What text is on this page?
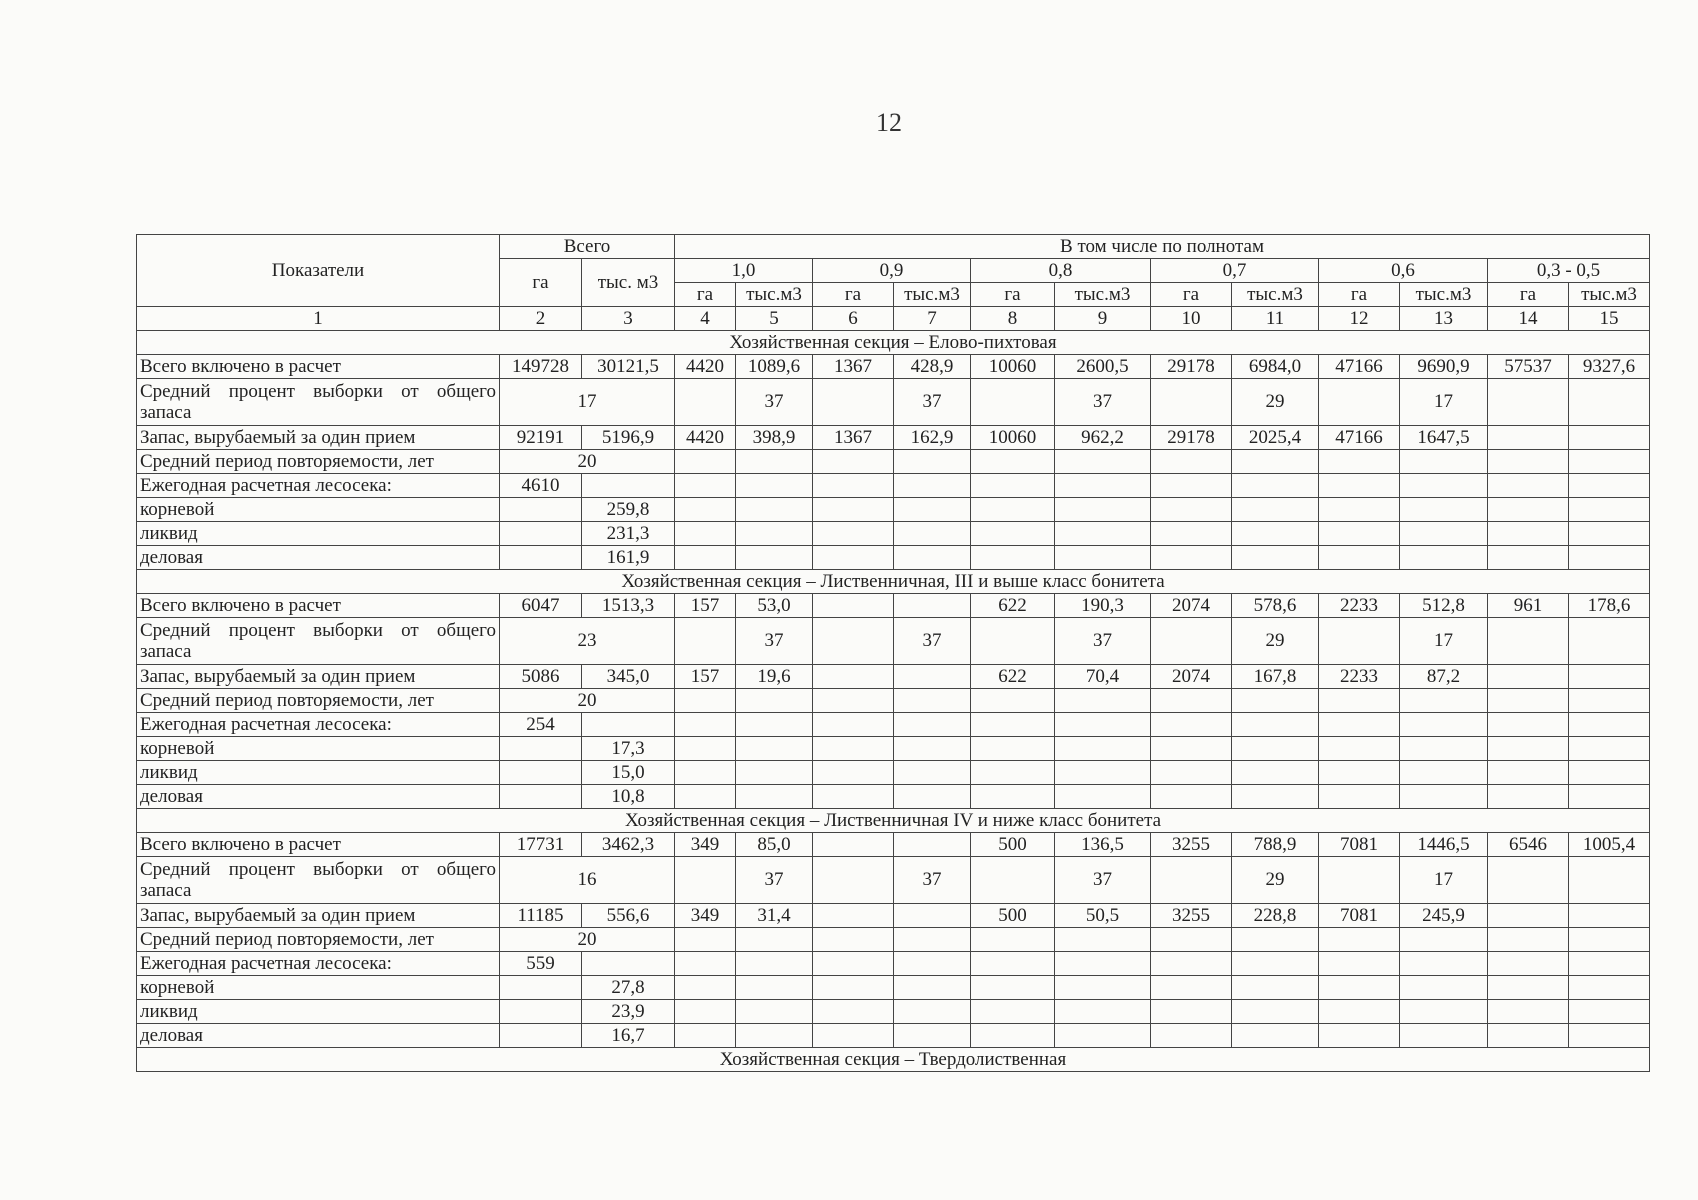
12
Показатели	Всего		В том числе по полнотам											
	га	тыс. м3	1,0		0,9		0,8		0,7		0,6		0,3 - 0,5	
			га	тыс.м3	га	тыс.м3	га	тыс.м3	га	тыс.м3	га	тыс.м3	га	тыс.м3
1	2	3	4	5	6	7	8	9	10	11	12	13	14	15
Хозяйственная секция – Елово-пихтовая														
Всего включено в расчет	149728	30121,5	4420	1089,6	1367	428,9	10060	2600,5	29178	6984,0	47166	9690,9	57537	9327,6
Средний процент выборки от общего запаса	17			37		37		37		29		17		
Запас, вырубаемый за один прием	92191	5196,9	4420	398,9	1367	162,9	10060	962,2	29178	2025,4	47166	1647,5		
Средний период повторяемости, лет	20													
Ежегодная расчетная лесосека:	4610													
корневой		259,8												
ликвид		231,3												
деловая		161,9												
Хозяйственная секция – Лиственничная, III и выше класс бонитета														
Всего включено в расчет	6047	1513,3	157	53,0			622	190,3	2074	578,6	2233	512,8	961	178,6
Средний процент выборки от общего запаса	23			37		37		37		29		17		
Запас, вырубаемый за один прием	5086	345,0	157	19,6			622	70,4	2074	167,8	2233	87,2		
Средний период повторяемости, лет	20													
Ежегодная расчетная лесосека:	254													
корневой		17,3												
ликвид		15,0												
деловая		10,8												
Хозяйственная секция – Лиственничная IV и ниже класс бонитета														
Всего включено в расчет	17731	3462,3	349	85,0			500	136,5	3255	788,9	7081	1446,5	6546	1005,4
Средний процент выборки от общего запаса	16			37		37		37		29		17		
Запас, вырубаемый за один прием	11185	556,6	349	31,4			500	50,5	3255	228,8	7081	245,9		
Средний период повторяемости, лет	20													
Ежегодная расчетная лесосека:	559													
корневой		27,8												
ликвид		23,9												
деловая		16,7												
Хозяйственная секция – Твердолиственная														
